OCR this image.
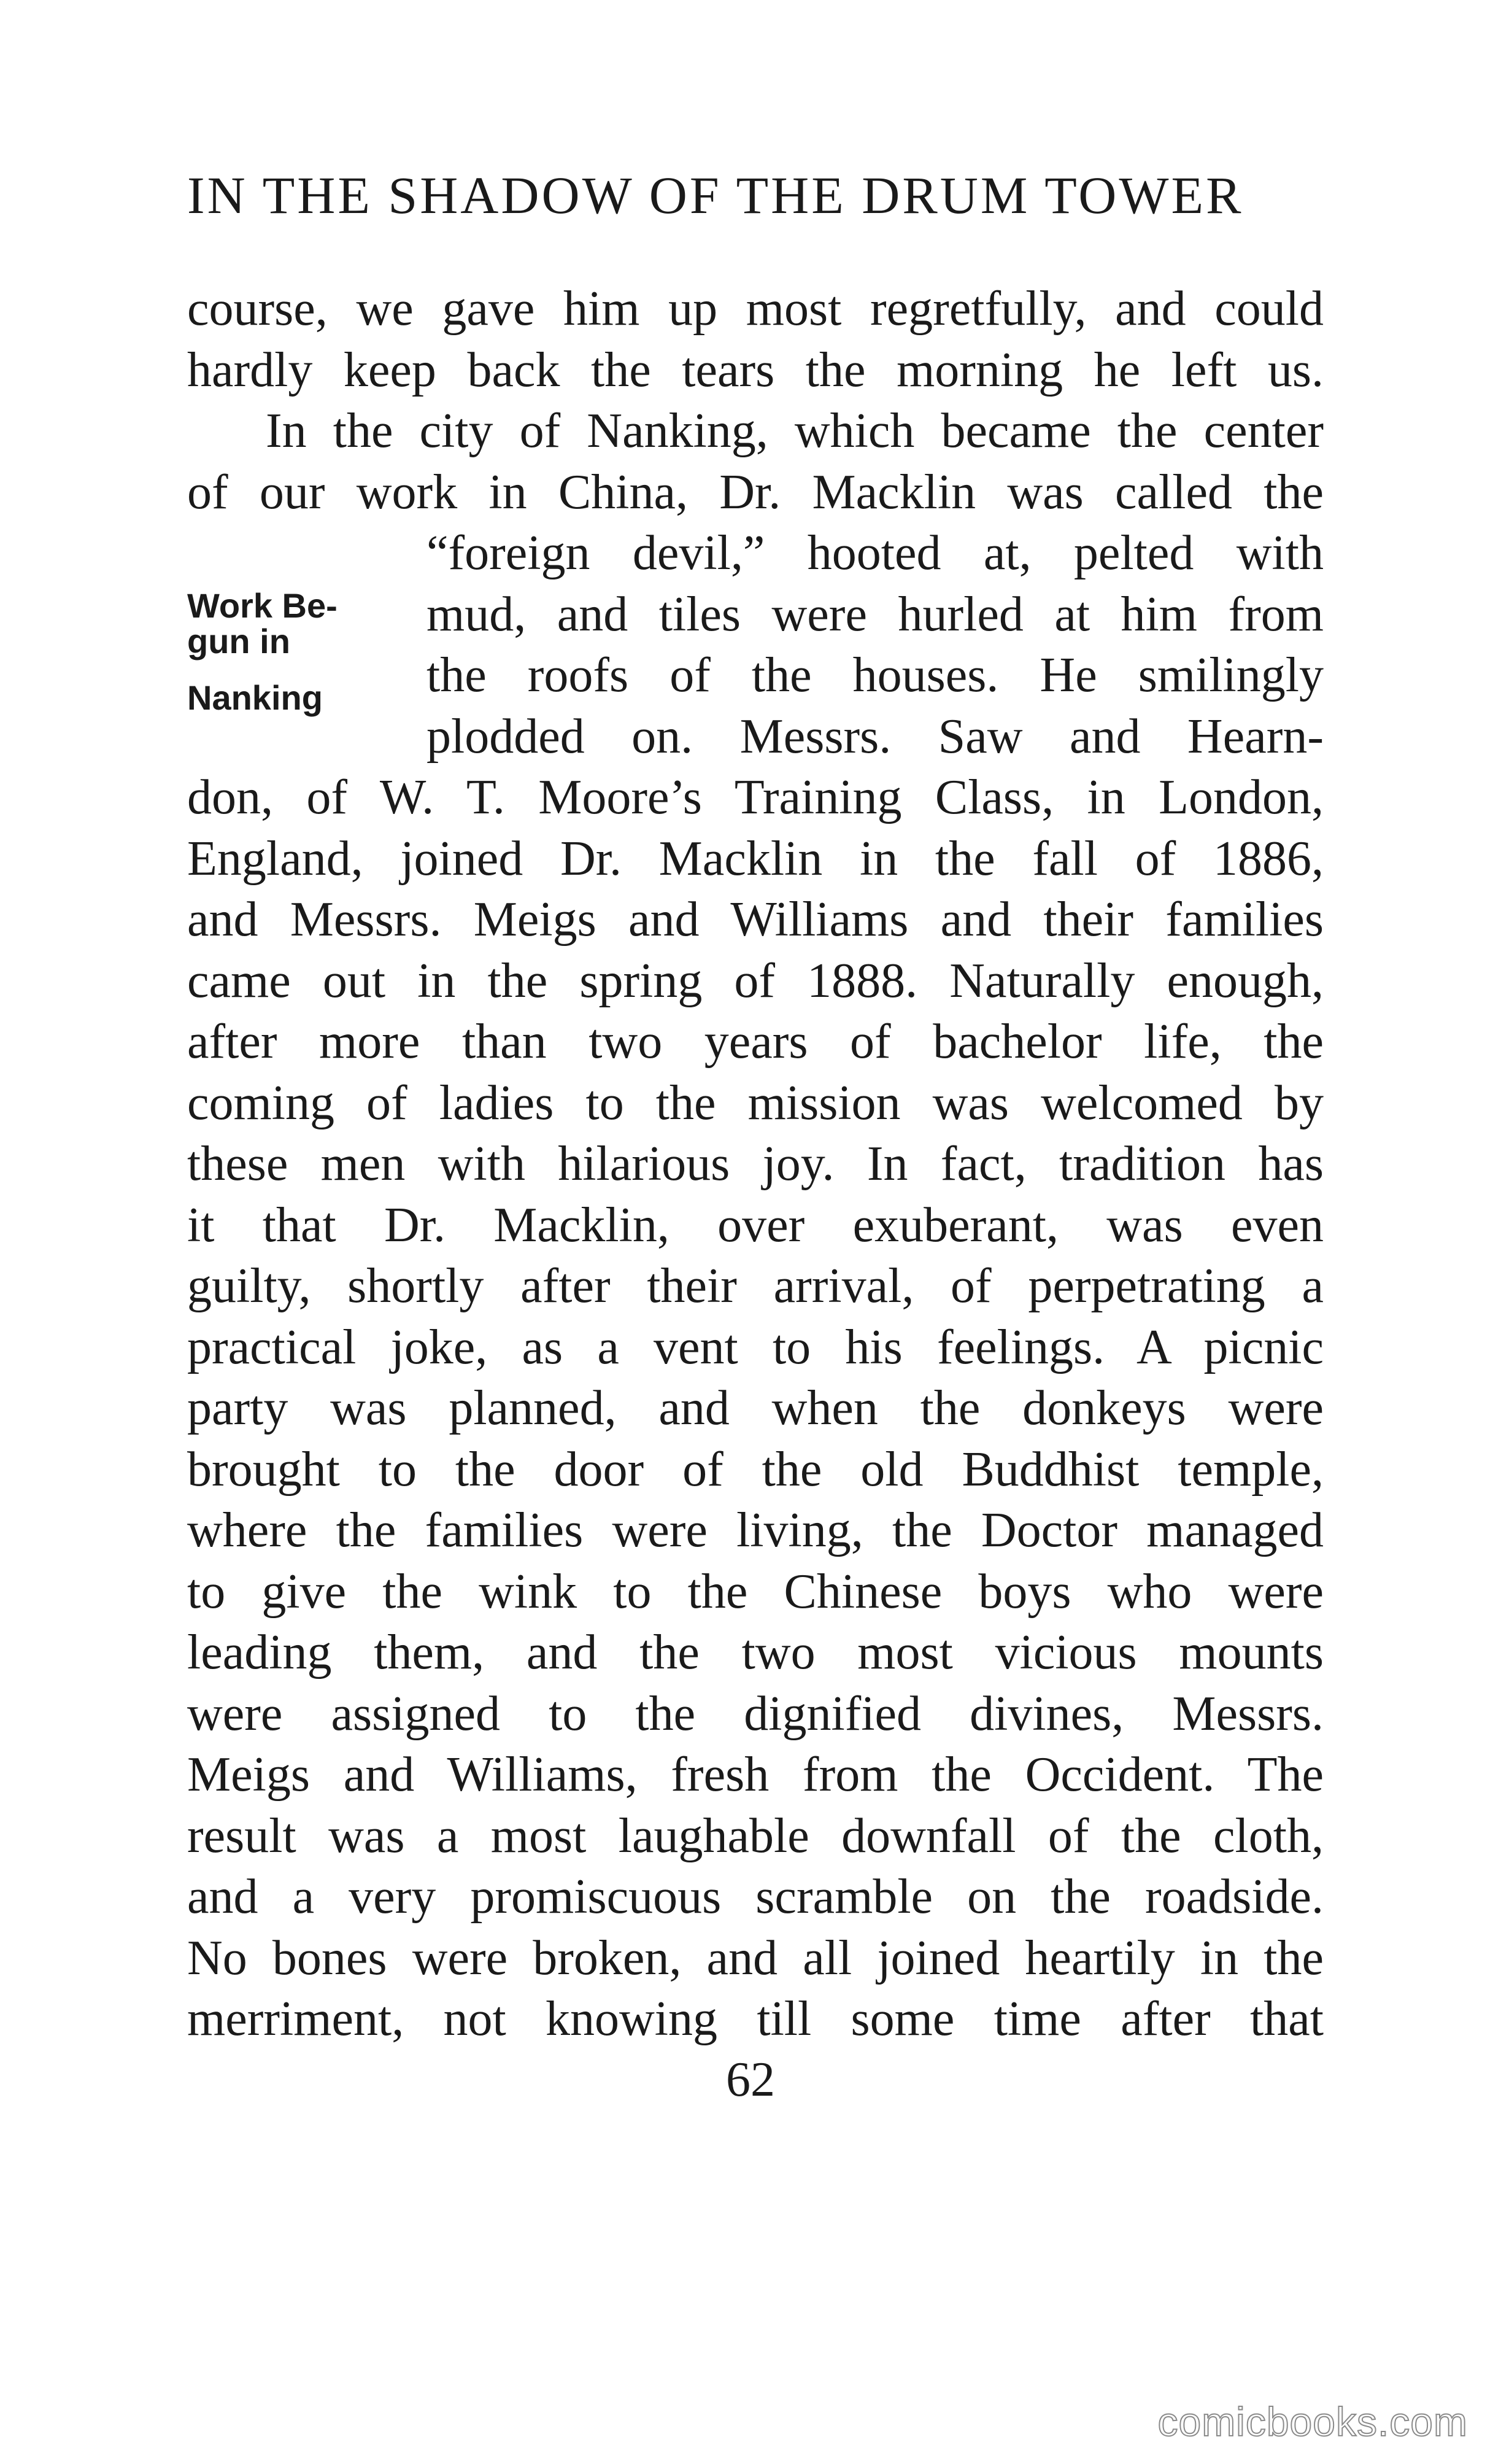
IN THE SHADOW OF THE DRUM TOWER
course, we gave him up most regretfully, and could
hardly keep back the tears the morning he left us.
In the city of Nanking, which became the center
of our work in China, Dr. Macklin was called the
Work Be-
gun in
Nanking
“foreign devil,” hooted at, pelted with
mud, and tiles were hurled at him from
the roofs of the houses. He smilingly
plodded on. Messrs. Saw and Hearn-
don, of W. T. Moore’s Training Class, in London,
England, joined Dr. Macklin in the fall of 1886,
and Messrs. Meigs and Williams and their families
came out in the spring of 1888. Naturally enough,
after more than two years of bachelor life, the
coming of ladies to the mission was welcomed by
these men with hilarious joy. In fact, tradition has
it that Dr. Macklin, over exuberant, was even
guilty, shortly after their arrival, of perpetrating a
practical joke, as a vent to his feelings. A picnic
party was planned, and when the donkeys were
brought to the door of the old Buddhist temple,
where the families were living, the Doctor managed
to give the wink to the Chinese boys who were
leading them, and the two most vicious mounts
were assigned to the dignified divines, Messrs.
Meigs and Williams, fresh from the Occident. The
result was a most laughable downfall of the cloth,
and a very promiscuous scramble on the roadside.
No bones were broken, and all joined heartily in the
merriment, not knowing till some time after that
62
comicbooks.com
